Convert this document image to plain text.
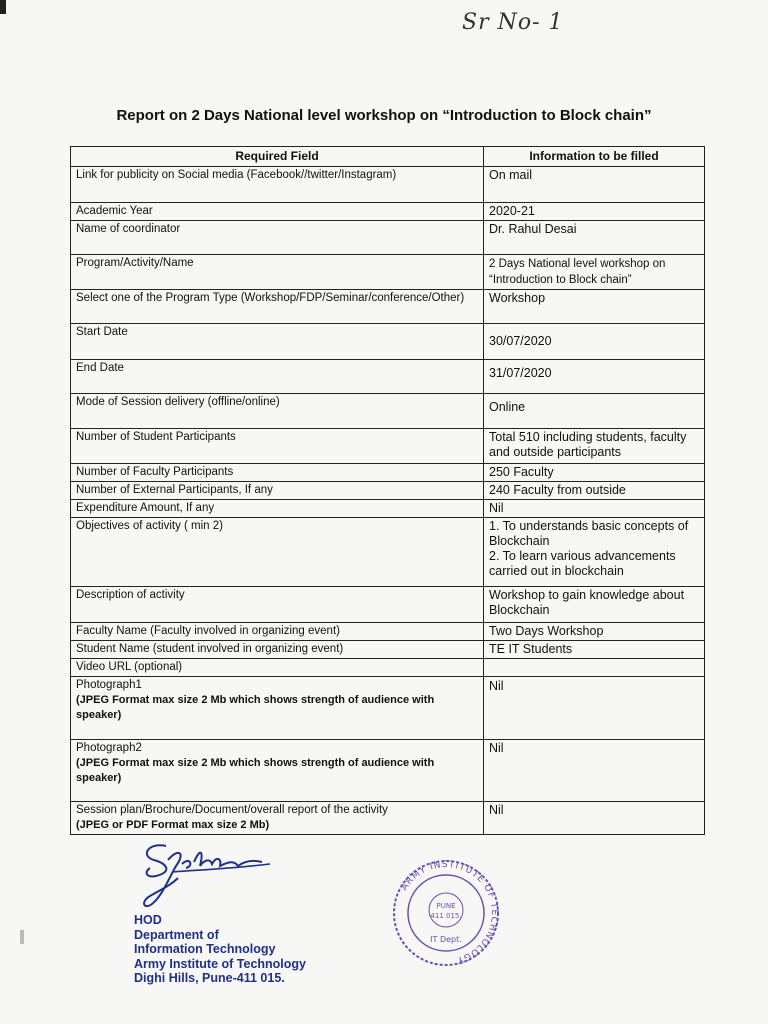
Sr No- 1
Report on 2 Days National level workshop on “Introduction to Block chain”
Required Field	Information to be filled
Link for publicity on Social media (Facebook//twitter/Instagram)	On mail
Academic Year	2020-21
Name of coordinator	Dr. Rahul Desai
Program/Activity/Name	2 Days National level workshop on “Introduction to Block chain”
Select one of the Program Type (Workshop/FDP/Seminar/conference/Other)	Workshop
Start Date	30/07/2020
End Date	31/07/2020
Mode of Session delivery (offline/online)	Online
Number of Student Participants	Total 510 including students, faculty and outside participants
Number of Faculty Participants	250 Faculty
Number of External Participants, If any	240 Faculty from outside
Expenditure Amount, If any	Nil
Objectives of activity ( min 2)	1. To understands basic concepts of Blockchain
2. To learn various advancements carried out in blockchain

Description of activity	Workshop to gain knowledge about Blockchain
Faculty Name (Faculty involved in organizing event)	Two Days Workshop
Student Name (student involved in organizing event)	TE IT Students
Video URL (optional)	
Photograph1
(JPEG Format max size 2 Mb which shows strength of audience with speaker)	Nil
Photograph2
(JPEG Format max size 2 Mb which shows strength of audience with speaker)	Nil
Session plan/Brochure/Document/overall report of the activity
(JPEG or PDF Format max size 2 Mb)	Nil
HOD
Department of
Information Technology
Army Institute of Technology
Dighi Hills, Pune-411 015.
ARMY INSTITUTE OF TECHNOLOGY
PUNE
411 015.
IT Dept.
